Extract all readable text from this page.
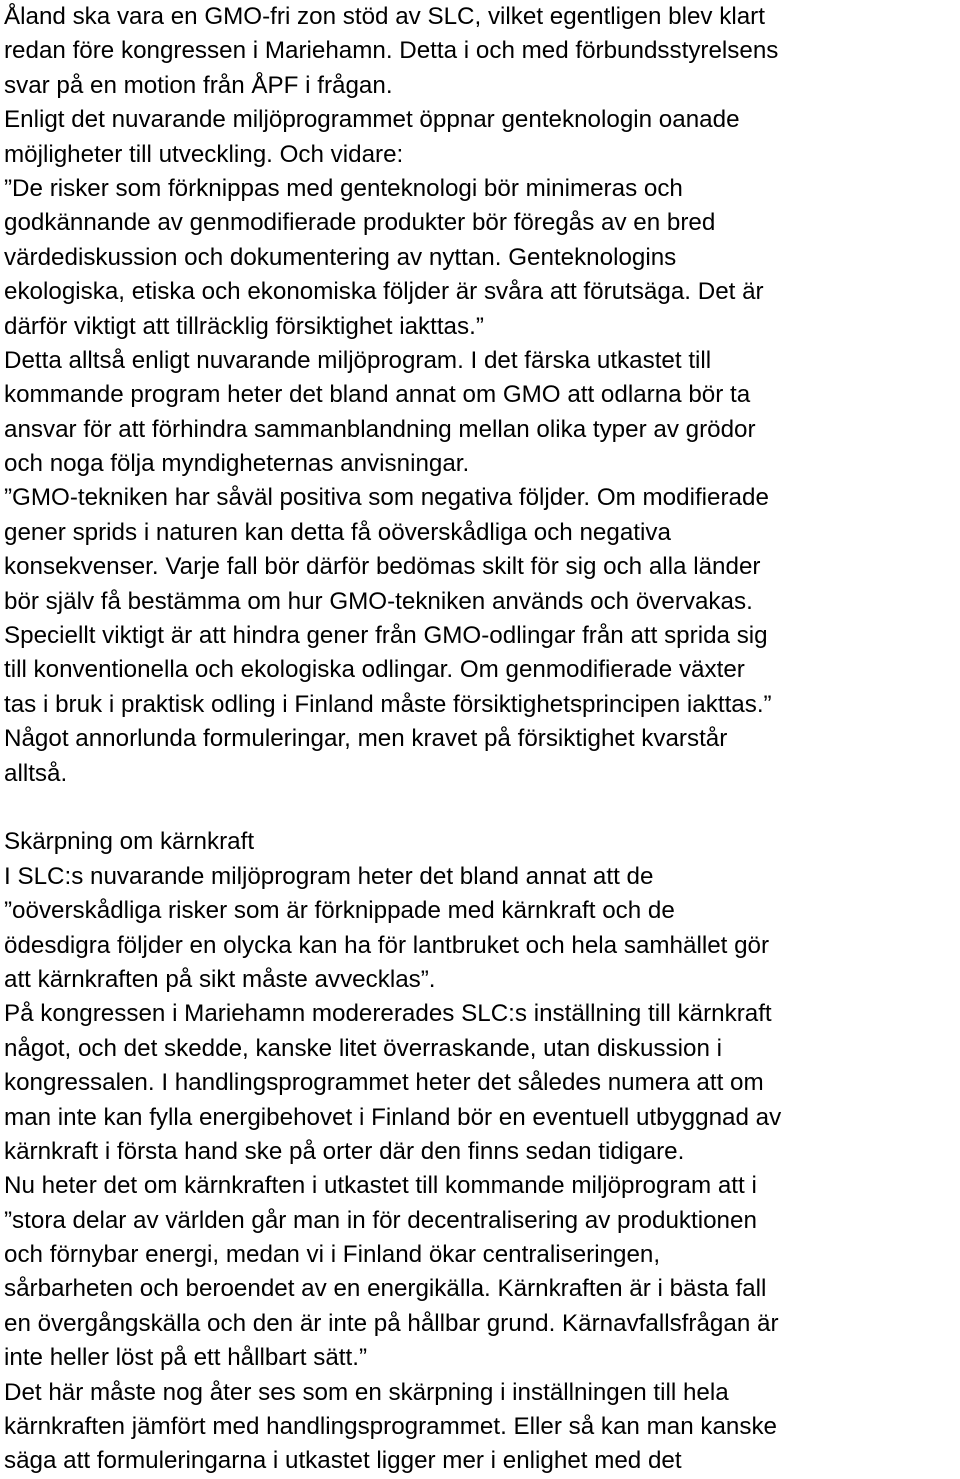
Åland ska vara en GMO-fri zon stöd av SLC, vilket egentligen blev klart
redan före kongressen i Mariehamn. Detta i och med förbundsstyrelsens
svar på en motion från ÅPF i frågan.
Enligt det nuvarande miljöprogrammet öppnar genteknologin oanade
möjligheter till utveckling. Och vidare:
”De risker som förknippas med genteknologi bör minimeras och
godkännande av genmodifierade produkter bör föregås av en bred
värdediskussion och dokumentering av nyttan. Genteknologins
ekologiska, etiska och ekonomiska följder är svåra att förutsäga. Det är
därför viktigt att tillräcklig försiktighet iakttas.”
Detta alltså enligt nuvarande miljöprogram. I det färska utkastet till
kommande program heter det bland annat om GMO att odlarna bör ta
ansvar för att förhindra sammanblandning mellan olika typer av grödor
och noga följa myndigheternas anvisningar.
”GMO-tekniken har såväl positiva som negativa följder. Om modifierade
gener sprids i naturen kan detta få oöverskådliga och negativa
konsekvenser. Varje fall bör därför bedömas skilt för sig och alla länder
bör själv få bestämma om hur GMO-tekniken används och övervakas.
Speciellt viktigt är att hindra gener från GMO-odlingar från att sprida sig
till konventionella och ekologiska odlingar. Om genmodifierade växter
tas i bruk i praktisk odling i Finland måste försiktighetsprincipen iakttas.”
Något annorlunda formuleringar, men kravet på försiktighet kvarstår
alltså.
Skärpning om kärnkraft
I SLC:s nuvarande miljöprogram heter det bland annat att de
”oöverskådliga risker som är förknippade med kärnkraft och de
ödesdigra följder en olycka kan ha för lantbruket och hela samhället gör
att kärnkraften på sikt måste avvecklas”.
På kongressen i Mariehamn modererades SLC:s inställning till kärnkraft
något, och det skedde, kanske litet överraskande, utan diskussion i
kongressalen. I handlingsprogrammet heter det således numera att om
man inte kan fylla energibehovet i Finland bör en eventuell utbyggnad av
kärnkraft i första hand ske på orter där den finns sedan tidigare.
Nu heter det om kärnkraften i utkastet till kommande miljöprogram att i
”stora delar av världen går man in för decentralisering av produktionen
och förnybar energi, medan vi i Finland ökar centraliseringen,
sårbarheten och beroendet av en energikälla. Kärnkraften är i bästa fall
en övergångskälla och den är inte på hållbar grund. Kärnavfallsfrågan är
inte heller löst på ett hållbart sätt.”
Det här måste nog åter ses som en skärpning i inställningen till hela
kärnkraften jämfört med handlingsprogrammet. Eller så kan man kanske
säga att formuleringarna i utkastet ligger mer i enlighet med det
